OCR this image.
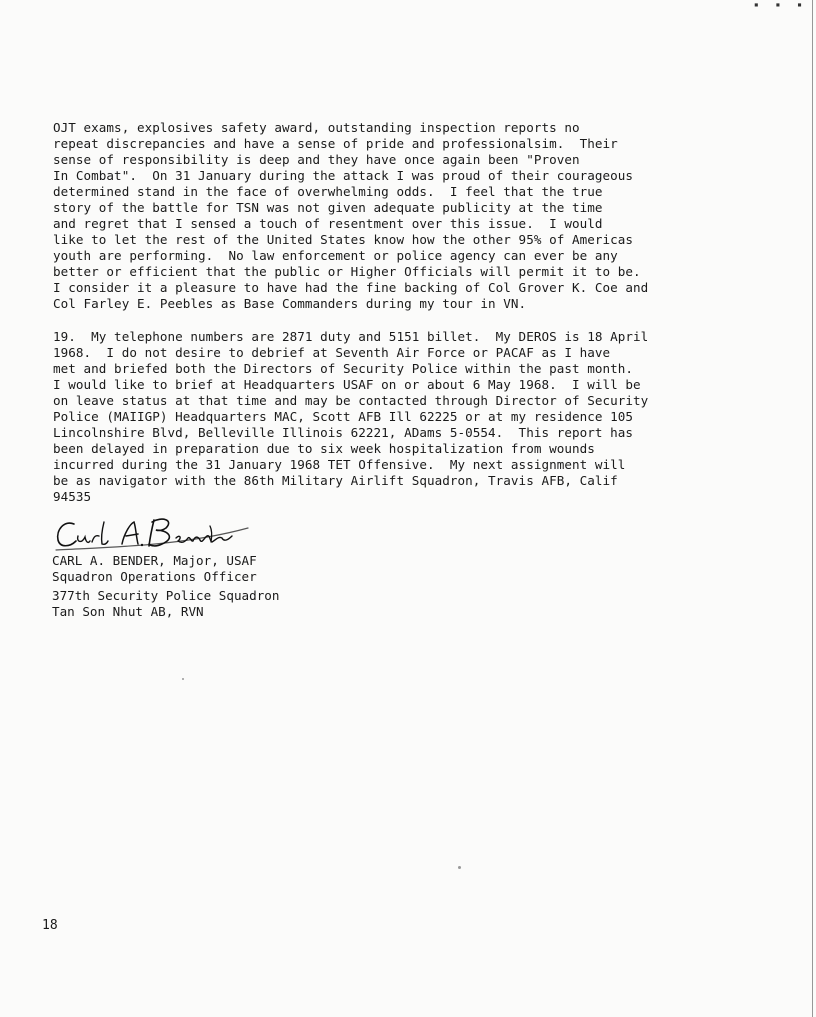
▪ ▪ ▪
OJT exams, explosives safety award, outstanding inspection reports no
repeat discrepancies and have a sense of pride and professionalsim.  Their
sense of responsibility is deep and they have once again been "Proven
In Combat".  On 31 January during the attack I was proud of their courageous
determined stand in the face of overwhelming odds.  I feel that the true
story of the battle for TSN was not given adequate publicity at the time
and regret that I sensed a touch of resentment over this issue.  I would
like to let the rest of the United States know how the other 95% of Americas
youth are performing.  No law enforcement or police agency can ever be any
better or efficient that the public or Higher Officials will permit it to be.
I consider it a pleasure to have had the fine backing of Col Grover K. Coe and
Col Farley E. Peebles as Base Commanders during my tour in VN.
19.  My telephone numbers are 2871 duty and 5151 billet.  My DEROS is 18 April
1968.  I do not desire to debrief at Seventh Air Force or PACAF as I have
met and briefed both the Directors of Security Police within the past month.
I would like to brief at Headquarters USAF on or about 6 May 1968.  I will be
on leave status at that time and may be contacted through Director of Security
Police (MAIIGP) Headquarters MAC, Scott AFB Ill 62225 or at my residence 105
Lincolnshire Blvd, Belleville Illinois 62221, ADams 5-0554.  This report has
been delayed in preparation due to six week hospitalization from wounds
incurred during the 31 January 1968 TET Offensive.  My next assignment will
be as navigator with the 86th Military Airlift Squadron, Travis AFB, Calif
94535
CARL A. BENDER, Major, USAF
Squadron Operations Officer
377th Security Police Squadron
Tan Son Nhut AB, RVN
18
